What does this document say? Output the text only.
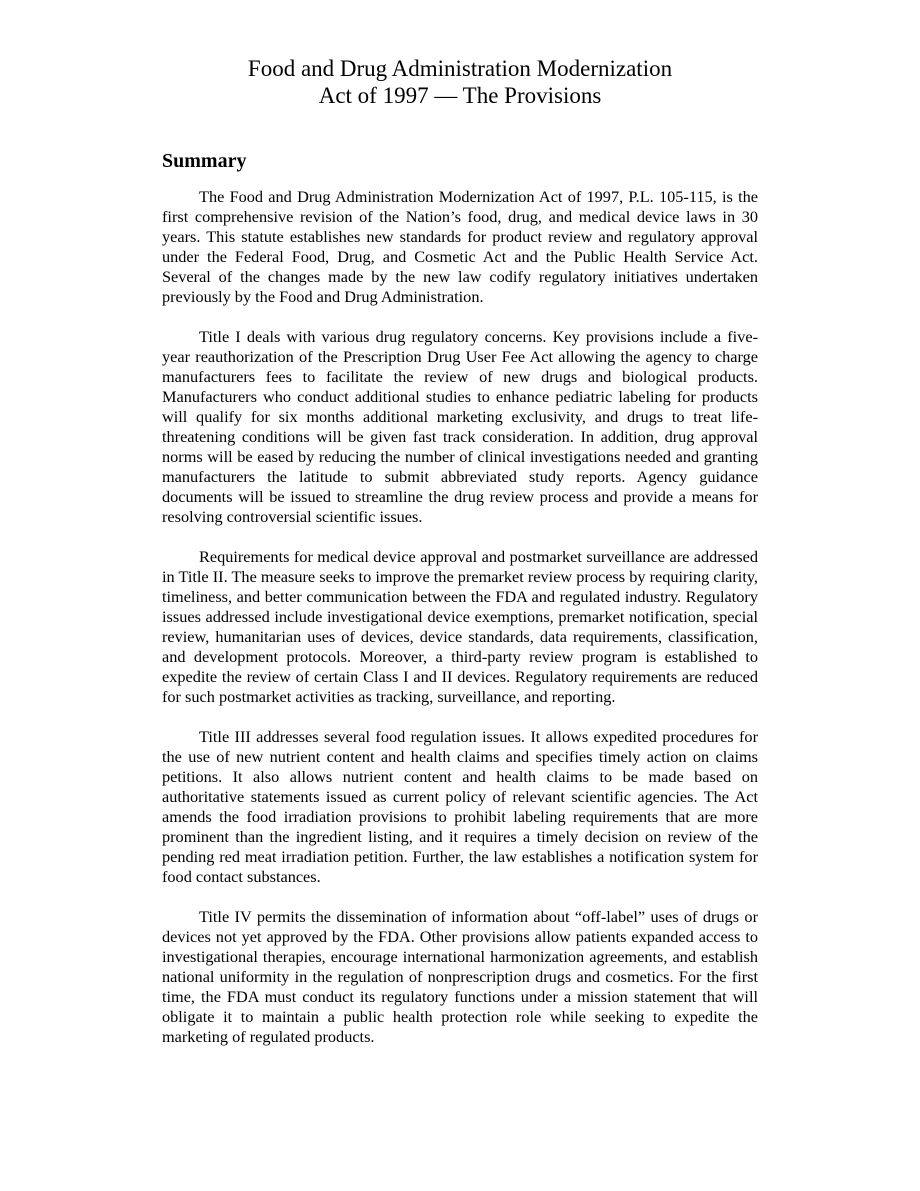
Food and Drug Administration Modernization
Act of 1997 — The Provisions
Summary

The Food and Drug Administration Modernization Act of 1997, P.L. 105-115, is the first comprehensive revision of the Nation’s food, drug, and medical device laws in 30 years. This statute establishes new standards for product review and regulatory approval under the Federal Food, Drug, and Cosmetic Act and the Public Health Service Act. Several of the changes made by the new law codify regulatory initiatives undertaken previously by the Food and Drug Administration.

Title I deals with various drug regulatory concerns. Key provisions include a five-year reauthorization of the Prescription Drug User Fee Act allowing the agency to charge manufacturers fees to facilitate the review of new drugs and biological products. Manufacturers who conduct additional studies to enhance pediatric labeling for products will qualify for six months additional marketing exclusivity, and drugs to treat life-threatening conditions will be given fast track consideration. In addition, drug approval norms will be eased by reducing the number of clinical investigations needed and granting manufacturers the latitude to submit abbreviated study reports. Agency guidance documents will be issued to streamline the drug review process and provide a means for resolving controversial scientific issues.

Requirements for medical device approval and postmarket surveillance are addressed in Title II. The measure seeks to improve the premarket review process by requiring clarity, timeliness, and better communication between the FDA and regulated industry. Regulatory issues addressed include investigational device exemptions, premarket notification, special review, humanitarian uses of devices, device standards, data requirements, classification, and development protocols. Moreover, a third-party review program is established to expedite the review of certain Class I and II devices. Regulatory requirements are reduced for such postmarket activities as tracking, surveillance, and reporting.

Title III addresses several food regulation issues. It allows expedited procedures for the use of new nutrient content and health claims and specifies timely action on claims petitions. It also allows nutrient content and health claims to be made based on authoritative statements issued as current policy of relevant scientific agencies. The Act amends the food irradiation provisions to prohibit labeling requirements that are more prominent than the ingredient listing, and it requires a timely decision on review of the pending red meat irradiation petition. Further, the law establishes a notification system for food contact substances.

Title IV permits the dissemination of information about “off-label” uses of drugs or devices not yet approved by the FDA. Other provisions allow patients expanded access to investigational therapies, encourage international harmonization agreements, and establish national uniformity in the regulation of nonprescription drugs and cosmetics. For the first time, the FDA must conduct its regulatory functions under a mission statement that will obligate it to maintain a public health protection role while seeking to expedite the marketing of regulated products.
